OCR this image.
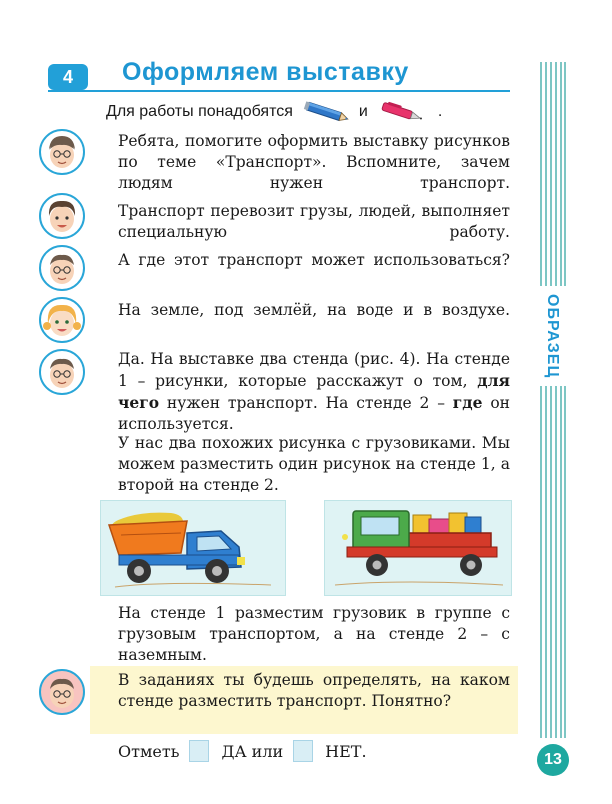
4 Оформляем выставку
Для работы понадобятся	и	.
ОБРАЗЕЦ
Ребята, помогите оформить выставку рисунков по теме «Транспорт». Вспомните, зачем людям нужен транспорт.
Транспорт перевозит грузы, людей, выполняет специальную работу.
А где этот транспорт может использоваться?
На земле, под землёй, на воде и в воздухе.
Да. На выставке два стенда (рис. 4). На стенде 1 – рисунки, которые расскажут о том, для чего нужен транспорт. На стенде 2 – где он используется.
У нас два похожих рисунка с грузовиками. Мы можем разместить один рисунок на стенде 1, а второй на стенде 2.
На стенде 1 разместим грузовик в группе с грузовым транспортом, а на стенде 2 – с наземным.
В заданиях ты будешь определять, на каком стенде разместить транспорт. Понятно?
Отметь	ДА или	НЕТ.	13
